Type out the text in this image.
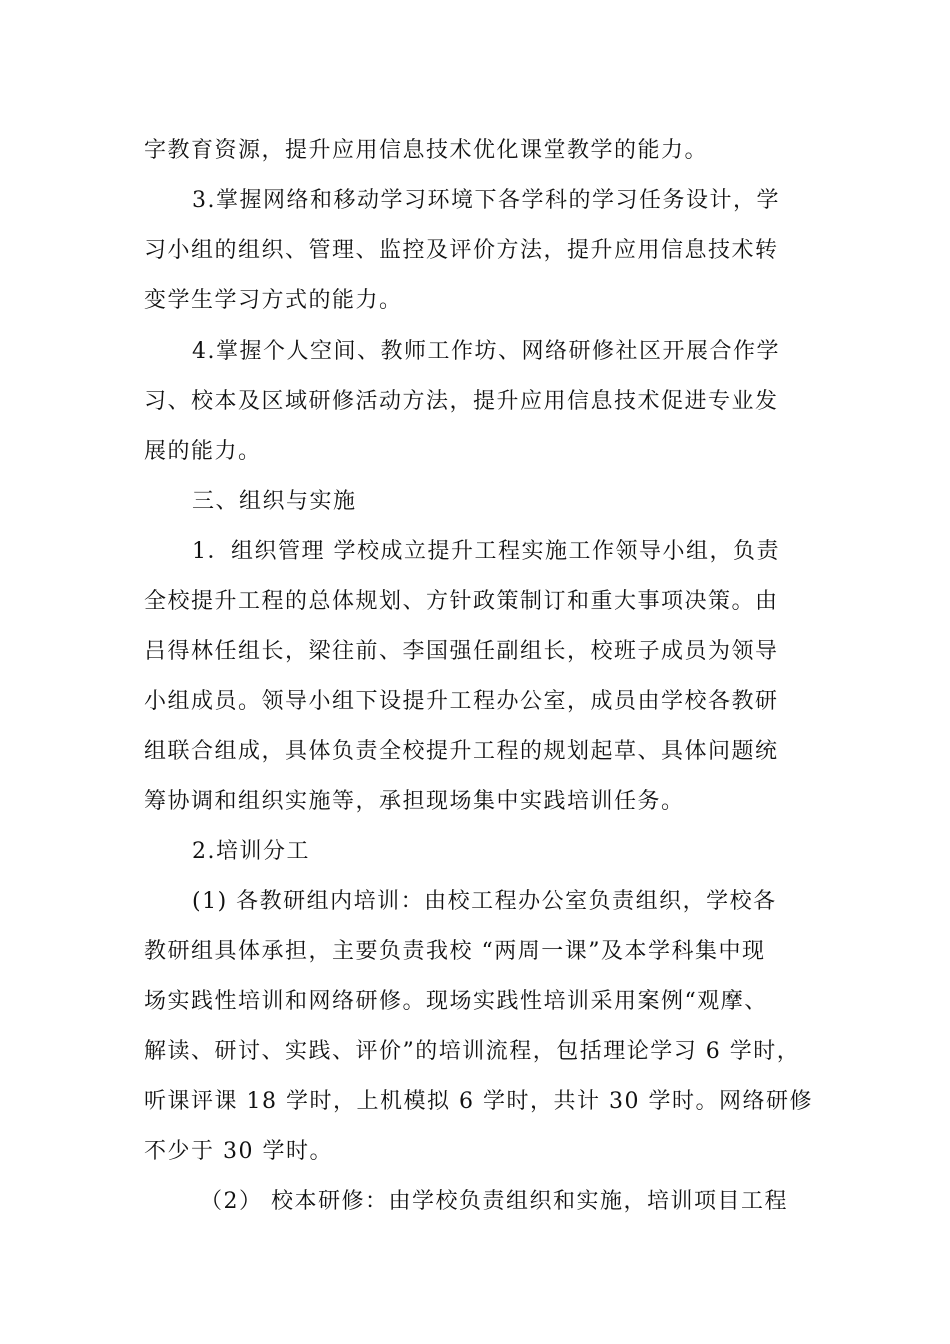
字教育资源，提升应用信息技术优化课堂教学的能力。
3.掌握网络和移动学习环境下各学科的学习任务设计，学
习小组的组织、管理、监控及评价方法，提升应用信息技术转
变学生学习方式的能力。
4.掌握个人空间、教师工作坊、网络研修社区开展合作学
习、校本及区域研修活动方法，提升应用信息技术促进专业发
展的能力。
三、组织与实施
1．组织管理 学校成立提升工程实施工作领导小组，负责
全校提升工程的总体规划、方针政策制订和重大事项决策。由
吕得林任组长，梁往前、李国强任副组长，校班子成员为领导
小组成员。领导小组下设提升工程办公室，成员由学校各教研
组联合组成，具体负责全校提升工程的规划起草、具体问题统
筹协调和组织实施等，承担现场集中实践培训任务。
2.培训分工
(1) 各教研组内培训：由校工程办公室负责组织，学校各
教研组具体承担，主要负责我校 “两周一课”及本学科集中现
场实践性培训和网络研修。现场实践性培训采用案例“观摩、
解读、研讨、实践、评价”的培训流程，包括理论学习 6 学时，
听课评课 18 学时，上机模拟 6 学时，共计 30 学时。网络研修
不少于 30 学时。
（2） 校本研修：由学校负责组织和实施，培训项目工程
